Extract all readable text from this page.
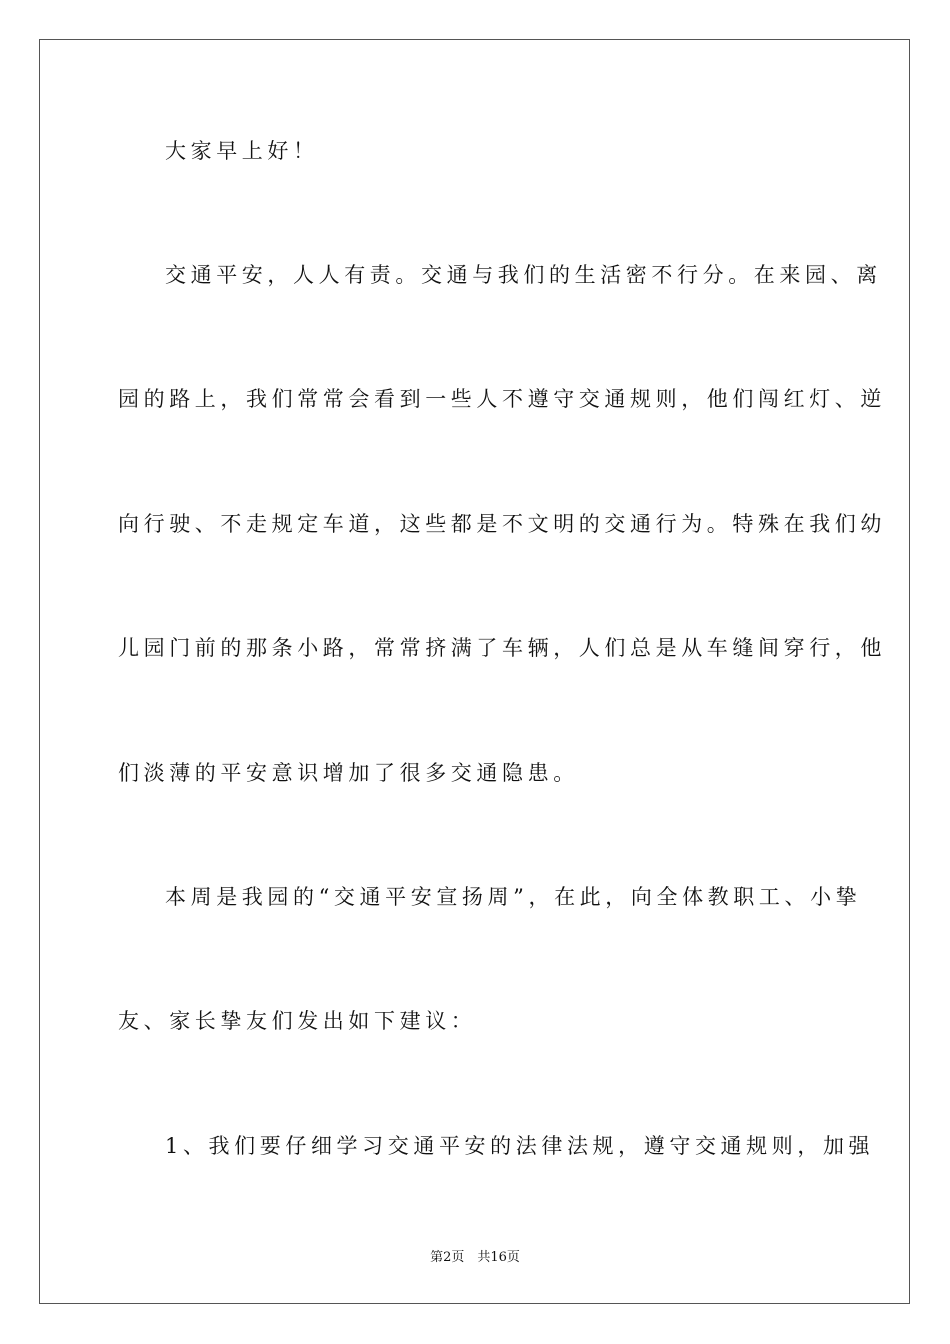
大家早上好！
交通平安，人人有责。交通与我们的生活密不行分。在来园、离
园的路上，我们常常会看到一些人不遵守交通规则，他们闯红灯、逆
向行驶、不走规定车道，这些都是不文明的交通行为。特殊在我们幼
儿园门前的那条小路，常常挤满了车辆，人们总是从车缝间穿行，他
们淡薄的平安意识增加了很多交通隐患。
本周是我园的“交通平安宣扬周”，在此，向全体教职工、小挚
友、家长挚友们发出如下建议：
1、我们要仔细学习交通平安的法律法规，遵守交通规则，加强
第2页　共16页
